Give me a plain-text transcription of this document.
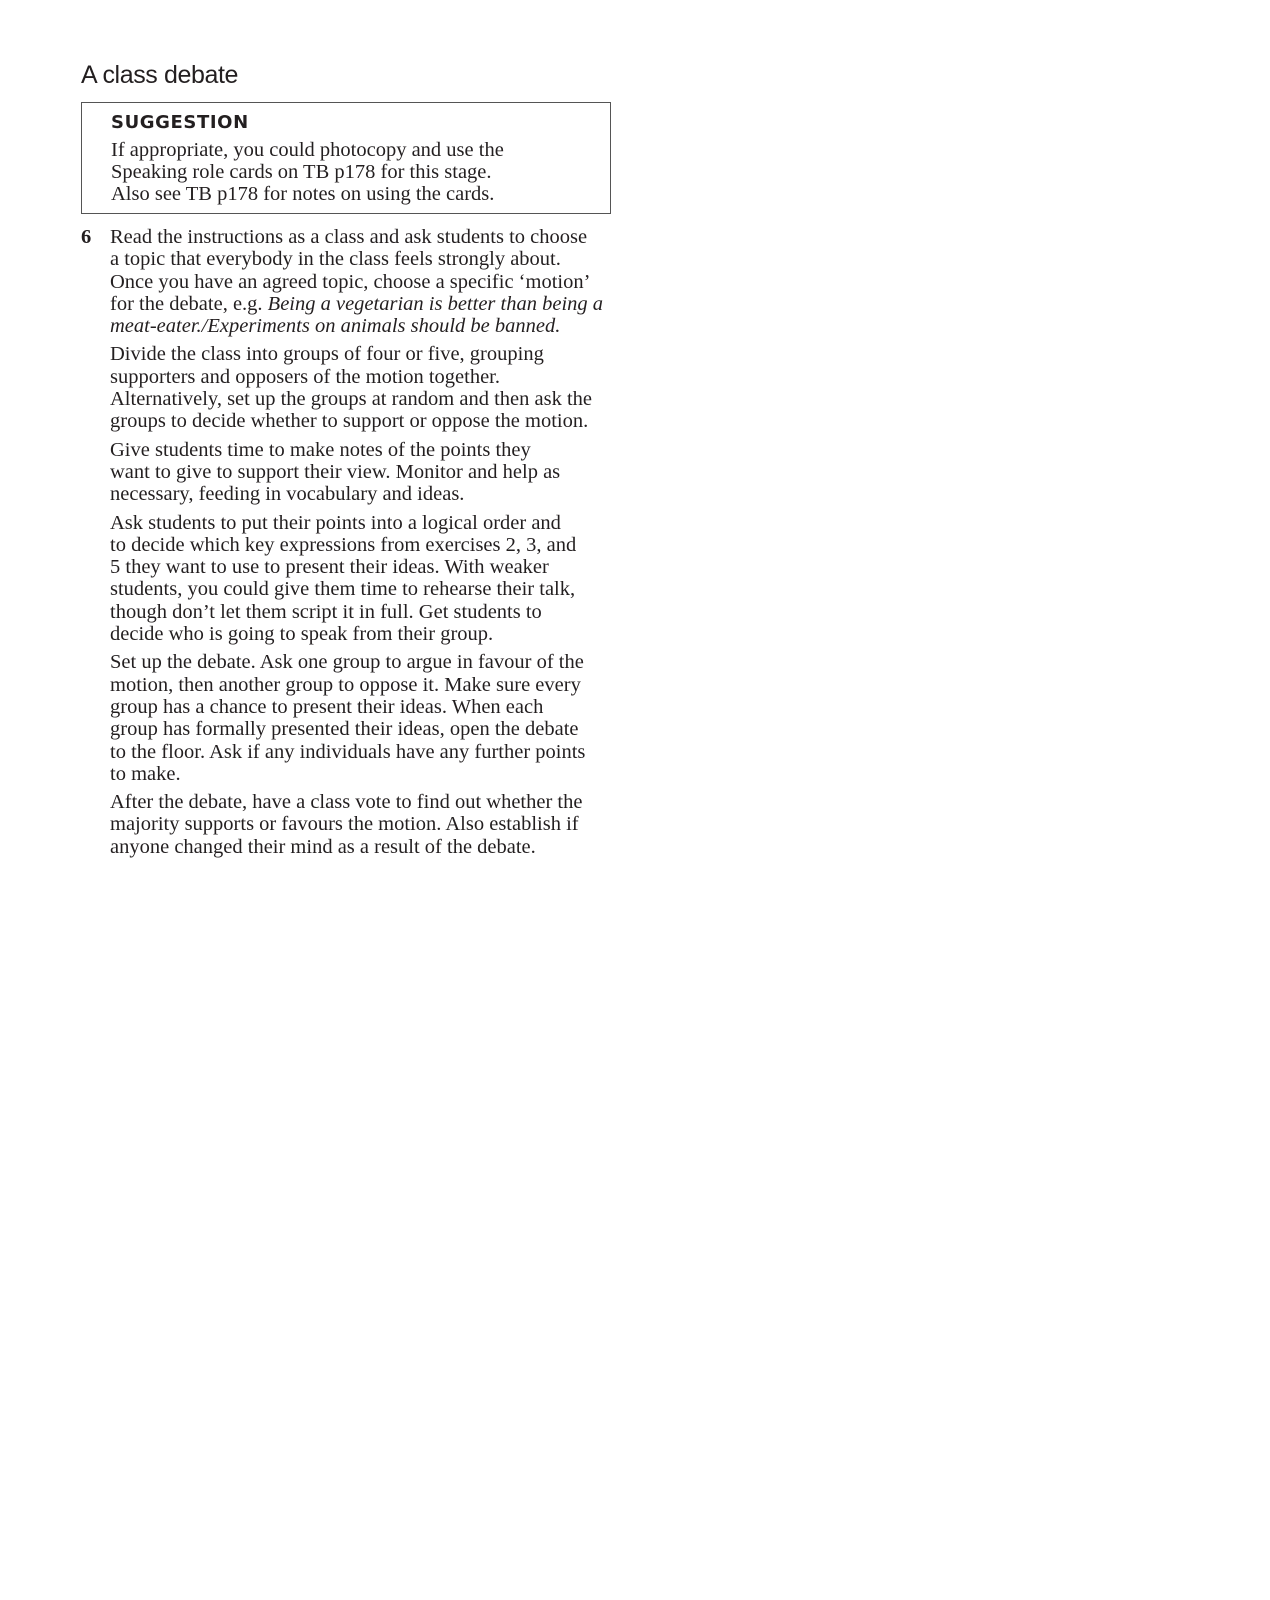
A class debate
SUGGESTION

If appropriate, you could photocopy and use the
Speaking role cards on TB p178 for this stage.
Also see TB p178 for notes on using the cards.

6 Read the instructions as a class and ask students to choose
a topic that everybody in the class feels strongly about.
Once you have an agreed topic, choose a specific ‘motion’
for the debate, e.g. Being a vegetarian is better than being a
meat-eater./Experiments on animals should be banned.

Divide the class into groups of four or five, grouping
supporters and opposers of the motion together.
Alternatively, set up the groups at random and then ask the
groups to decide whether to support or oppose the motion.

Give students time to make notes of the points they
want to give to support their view. Monitor and help as
necessary, feeding in vocabulary and ideas.

Ask students to put their points into a logical order and
to decide which key expressions from exercises 2, 3, and
5 they want to use to present their ideas. With weaker
students, you could give them time to rehearse their talk,
though don’t let them script it in full. Get students to
decide who is going to speak from their group.

Set up the debate. Ask one group to argue in favour of the
motion, then another group to oppose it. Make sure every
group has a chance to present their ideas. When each
group has formally presented their ideas, open the debate
to the floor. Ask if any individuals have any further points
to make.

After the debate, have a class vote to find out whether the
majority supports or favours the motion. Also establish if
anyone changed their mind as a result of the debate.
